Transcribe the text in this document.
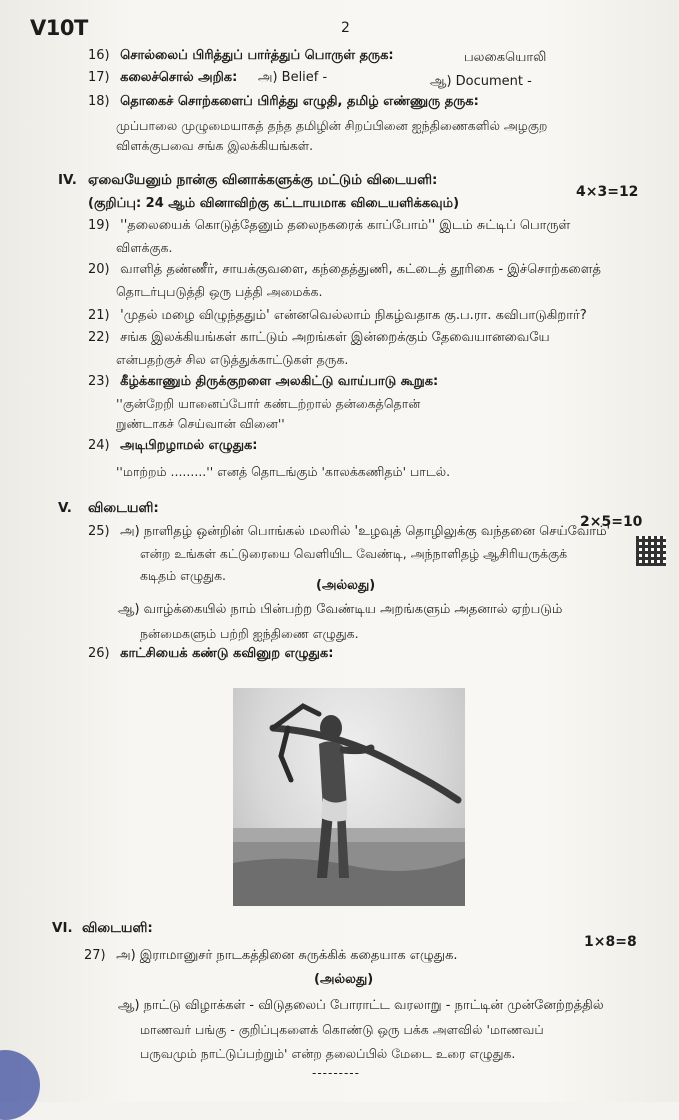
V10T	2
16) சொல்லைப் பிரித்துப் பார்த்துப் பொருள் தருக:	பலகையொலி
17) கலைச்சொல் அறிக: அ) Belief -	ஆ) Document -
18) தொகைச் சொற்களைப் பிரித்து எழுதி, தமிழ் எண்ணுரு தருக:
முப்பாலை முழுமையாகத் தந்த தமிழின் சிறப்பினை ஐந்திணைகளில் அழகுற
விளக்குபவை சங்க இலக்கியங்கள்.
IV. ஏவையேனும் நான்கு வினாக்களுக்கு மட்டும் விடையளி:
4×3=12
(குறிப்பு: 24 ஆம் வினாவிற்கு கட்டாயமாக விடையளிக்கவும்)
19) ''தலையைக் கொடுத்தேனும் தலைநகரைக் காப்போம்'' இடம் சுட்டிப் பொருள்
விளக்குக.
20) வாளித் தண்ணீர், சாயக்குவளை, கந்தைத்துணி, கட்டைத் தூரிகை - இச்சொற்களைத்
தொடர்புபடுத்தி ஒரு பத்தி அமைக்க.
21) 'முதல் மழை விழுந்ததும்' என்னவெல்லாம் நிகழ்வதாக கு.ப.ரா. கவிபாடுகிறார்?
22) சங்க இலக்கியங்கள் காட்டும் அறங்கள் இன்றைக்கும் தேவையானவையே
என்பதற்குச் சில எடுத்துக்காட்டுகள் தருக.
23) கீழ்க்காணும் திருக்குறளை அலகிட்டு வாய்பாடு கூறுக:
''குன்றேறி யானைப்போர் கண்டற்றால் தன்கைத்தொன்
றுண்டாகச் செய்வான் வினை''
24) அடிபிறழாமல் எழுதுக:
''மாற்றம் .........'' எனத் தொடங்கும் 'காலக்கணிதம்' பாடல்.
V. விடையளி:
2×5=10
25) அ) நாளிதழ் ஒன்றின் பொங்கல் மலரில் 'உழவுத் தொழிலுக்கு வந்தனை செய்வோம்'
என்ற உங்கள் கட்டுரையை வெளியிட வேண்டி, அந்நாளிதழ் ஆசிரியருக்குக்
கடிதம் எழுதுக.
(அல்லது)
ஆ) வாழ்க்கையில் நாம் பின்பற்ற வேண்டிய அறங்களும் அதனால் ஏற்படும்
நன்மைகளும் பற்றி ஐந்திணை எழுதுக.
26) காட்சியைக் கண்டு கவினுற எழுதுக:
VI. விடையளி:
1×8=8
27) அ) இராமானுசர் நாடகத்தினை சுருக்கிக் கதையாக எழுதுக.
(அல்லது)
ஆ) நாட்டு விழாக்கள் - விடுதலைப் போராட்ட வரலாறு - நாட்டின் முன்னேற்றத்தில்
மாணவர் பங்கு - குறிப்புகளைக் கொண்டு ஒரு பக்க அளவில் 'மாணவப்
பருவமும் நாட்டுப்பற்றும்' என்ற தலைப்பில் மேடை உரை எழுதுக.
---------
